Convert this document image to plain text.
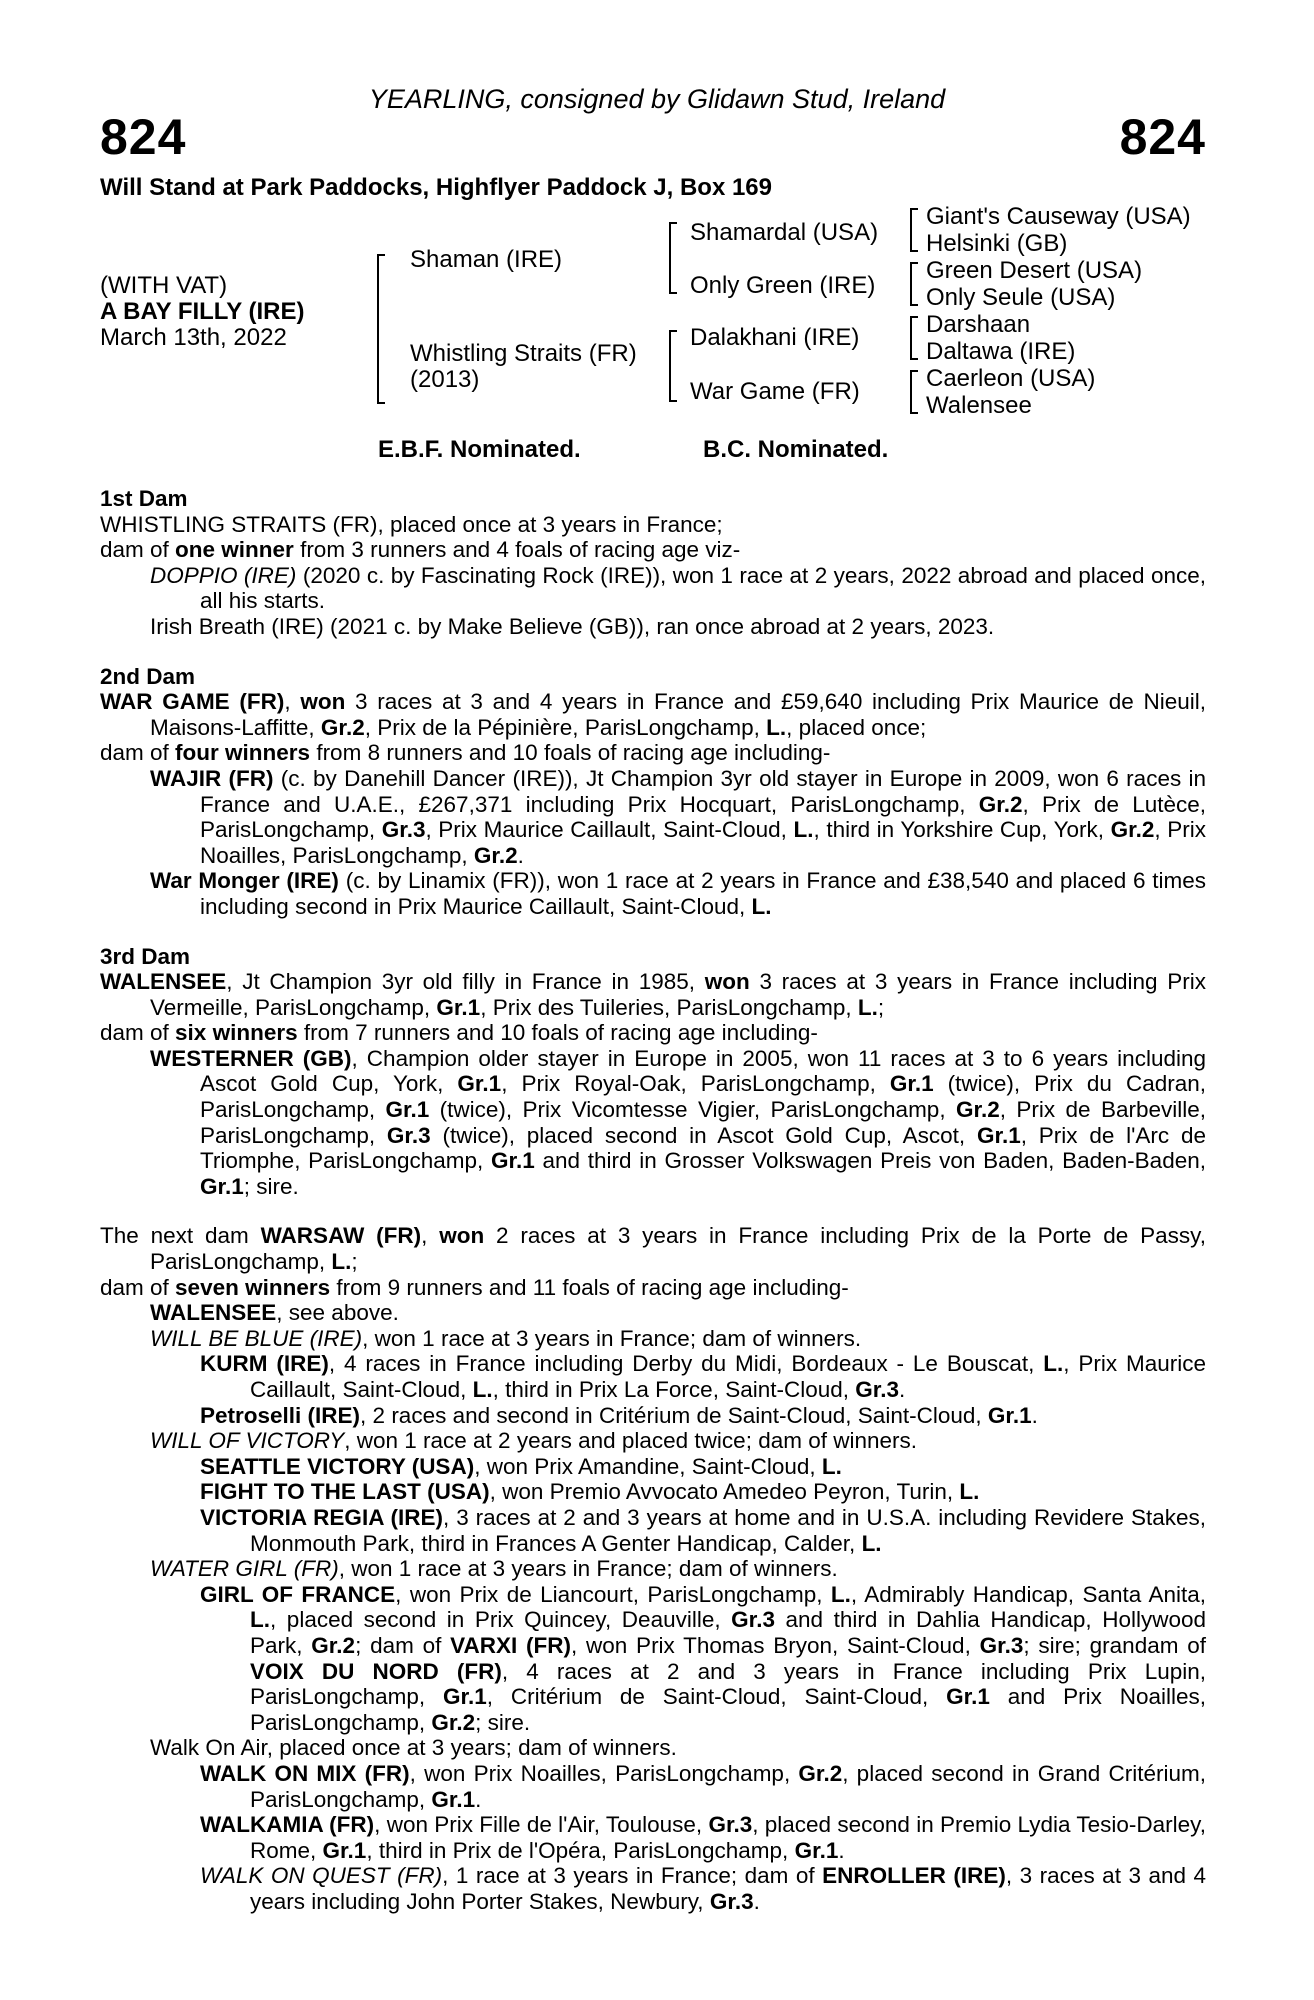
YEARLING, consigned by Glidawn Stud, Ireland
824	824
Will Stand at Park Paddocks, Highflyer Paddock J, Box 169
(WITH VAT)
A BAY FILLY (IRE)
March 13th, 2022
Shaman (IRE)
Whistling Straits (FR)
(2013)
Shamardal (USA)
Only Green (IRE)
Dalakhani (IRE)
War Game (FR)
Giant's Causeway (USA)
Helsinki (GB)
Green Desert (USA)
Only Seule (USA)
Darshaan
Daltawa (IRE)
Caerleon (USA)
Walensee
E.B.F. Nominated.	B.C. Nominated.
1st Dam

WHISTLING STRAITS (FR), placed once at 3 years in France;

dam of one winner from 3 runners and 4 foals of racing age viz-

DOPPIO (IRE) (2020 c. by Fascinating Rock (IRE)), won 1 race at 2 years, 2022 abroad and placed once, all his starts.

Irish Breath (IRE) (2021 c. by Make Believe (GB)), ran once abroad at 2 years, 2023.

2nd Dam

WAR GAME (FR), won 3 races at 3 and 4 years in France and £59,640 including Prix Maurice de Nieuil, Maisons-Laffitte, Gr.2, Prix de la Pépinière, ParisLongchamp, L., placed once;

dam of four winners from 8 runners and 10 foals of racing age including-

WAJIR (FR) (c. by Danehill Dancer (IRE)), Jt Champion 3yr old stayer in Europe in 2009, won 6 races in France and U.A.E., £267,371 including Prix Hocquart, ParisLongchamp, Gr.2, Prix de Lutèce, ParisLongchamp, Gr.3, Prix Maurice Caillault, Saint-Cloud, L., third in Yorkshire Cup, York, Gr.2, Prix Noailles, ParisLongchamp, Gr.2.

War Monger (IRE) (c. by Linamix (FR)), won 1 race at 2 years in France and £38,540 and placed 6 times including second in Prix Maurice Caillault, Saint-Cloud, L.

3rd Dam

WALENSEE, Jt Champion 3yr old filly in France in 1985, won 3 races at 3 years in France including Prix Vermeille, ParisLongchamp, Gr.1, Prix des Tuileries, ParisLongchamp, L.;

dam of six winners from 7 runners and 10 foals of racing age including-

WESTERNER (GB), Champion older stayer in Europe in 2005, won 11 races at 3 to 6 years including Ascot Gold Cup, York, Gr.1, Prix Royal-Oak, ParisLongchamp, Gr.1 (twice), Prix du Cadran, ParisLongchamp, Gr.1 (twice), Prix Vicomtesse Vigier, ParisLongchamp, Gr.2, Prix de Barbeville, ParisLongchamp, Gr.3 (twice), placed second in Ascot Gold Cup, Ascot, Gr.1, Prix de l'Arc de Triomphe, ParisLongchamp, Gr.1 and third in Grosser Volkswagen Preis von Baden, Baden-Baden, Gr.1; sire.

The next dam WARSAW (FR), won 2 races at 3 years in France including Prix de la Porte de Passy, ParisLongchamp, L.;

dam of seven winners from 9 runners and 11 foals of racing age including-

WALENSEE, see above.

WILL BE BLUE (IRE), won 1 race at 3 years in France; dam of winners.

KURM (IRE), 4 races in France including Derby du Midi, Bordeaux - Le Bouscat, L., Prix Maurice Caillault, Saint-Cloud, L., third in Prix La Force, Saint-Cloud, Gr.3.

Petroselli (IRE), 2 races and second in Critérium de Saint-Cloud, Saint-Cloud, Gr.1.

WILL OF VICTORY, won 1 race at 2 years and placed twice; dam of winners.

SEATTLE VICTORY (USA), won Prix Amandine, Saint-Cloud, L.

FIGHT TO THE LAST (USA), won Premio Avvocato Amedeo Peyron, Turin, L.

VICTORIA REGIA (IRE), 3 races at 2 and 3 years at home and in U.S.A. including Revidere Stakes, Monmouth Park, third in Frances A Genter Handicap, Calder, L.

WATER GIRL (FR), won 1 race at 3 years in France; dam of winners.

GIRL OF FRANCE, won Prix de Liancourt, ParisLongchamp, L., Admirably Handicap, Santa Anita, L., placed second in Prix Quincey, Deauville, Gr.3 and third in Dahlia Handicap, Hollywood Park, Gr.2; dam of VARXI (FR), won Prix Thomas Bryon, Saint-Cloud, Gr.3; sire; grandam of VOIX DU NORD (FR), 4 races at 2 and 3 years in France including Prix Lupin, ParisLongchamp, Gr.1, Critérium de Saint-Cloud, Saint-Cloud, Gr.1 and Prix Noailles, ParisLongchamp, Gr.2; sire.

Walk On Air, placed once at 3 years; dam of winners.

WALK ON MIX (FR), won Prix Noailles, ParisLongchamp, Gr.2, placed second in Grand Critérium, ParisLongchamp, Gr.1.

WALKAMIA (FR), won Prix Fille de l'Air, Toulouse, Gr.3, placed second in Premio Lydia Tesio-Darley, Rome, Gr.1, third in Prix de l'Opéra, ParisLongchamp, Gr.1.

WALK ON QUEST (FR), 1 race at 3 years in France; dam of ENROLLER (IRE), 3 races at 3 and 4 years including John Porter Stakes, Newbury, Gr.3.
